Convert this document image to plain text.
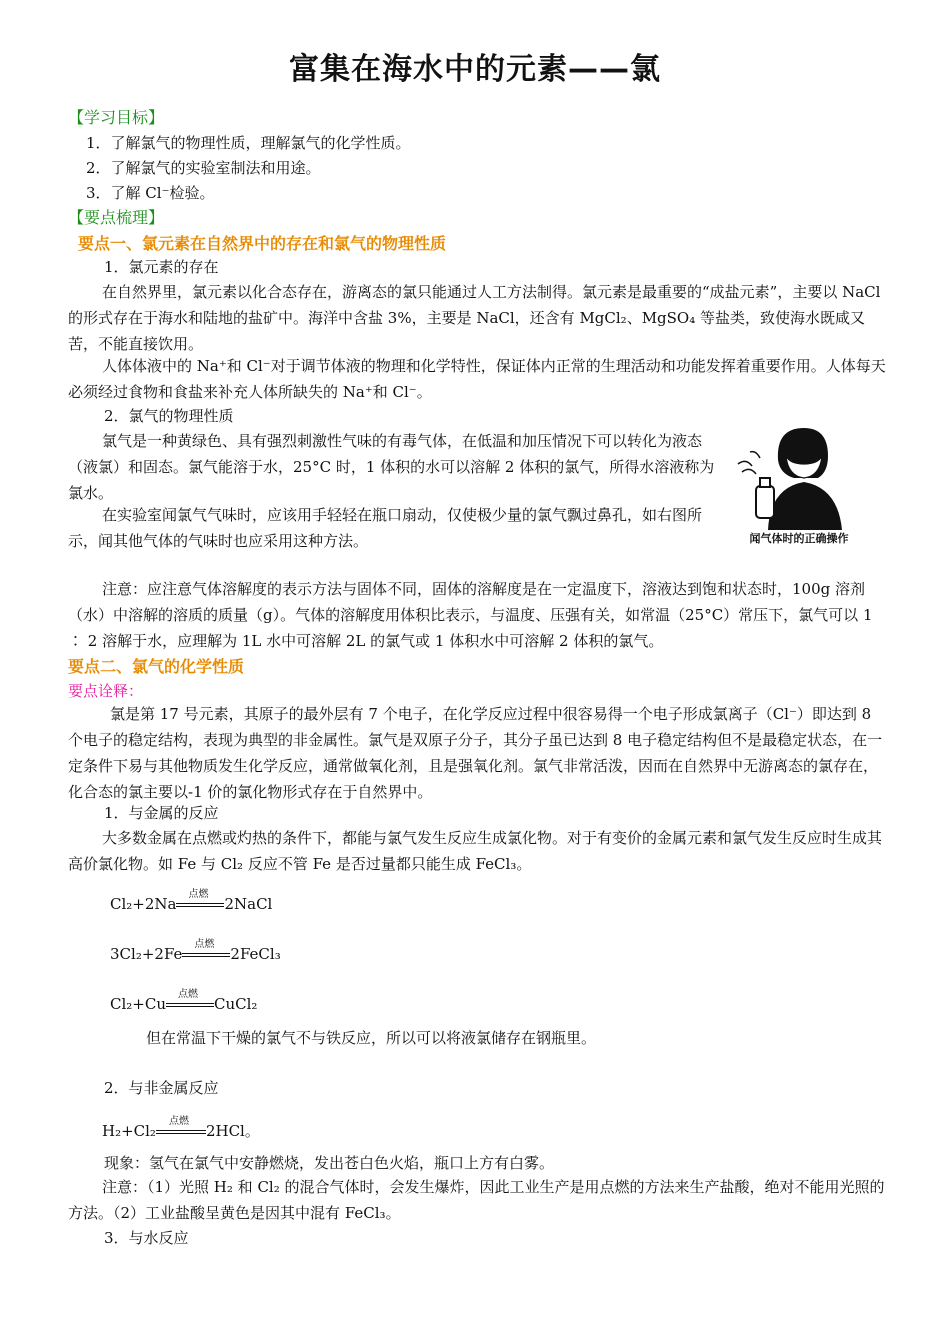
富集在海水中的元素——氯
【学习目标】
1．了解氯气的物理性质，理解氯气的化学性质。
2．了解氯气的实验室制法和用途。
3．了解 Cl⁻检验。
【要点梳理】
要点一、氯元素在自然界中的存在和氯气的物理性质
1．氯元素的存在
在自然界里，氯元素以化合态存在，游离态的氯只能通过人工方法制得。氯元素是最重要的“成盐元素”，主要以 NaCl 的形式存在于海水和陆地的盐矿中。海洋中含盐 3%，主要是 NaCl，还含有 MgCl₂、MgSO₄ 等盐类，致使海水既咸又苦，不能直接饮用。
人体体液中的 Na⁺和 Cl⁻对于调节体液的物理和化学特性，保证体内正常的生理活动和功能发挥着重要作用。人体每天必须经过食物和食盐来补充人体所缺失的 Na⁺和 Cl⁻。
2．氯气的物理性质
氯气是一种黄绿色、具有强烈刺激性气味的有毒气体，在低温和加压情况下可以转化为液态（液氯）和固态。氯气能溶于水，25°C 时，1 体积的水可以溶解 2 体积的氯气，所得水溶液称为氯水。
在实验室闻氯气气味时，应该用手轻轻在瓶口扇动，仅使极少量的氯气飘过鼻孔，如右图所示，闻其他气体的气味时也应采用这种方法。	闻气体时的正确操作
注意：应注意气体溶解度的表示方法与固体不同，固体的溶解度是在一定温度下，溶液达到饱和状态时，100g 溶剂（水）中溶解的溶质的质量（g）。气体的溶解度用体积比表示，与温度、压强有关，如常温（25°C）常压下，氯气可以 1 ∶ 2 溶解于水，应理解为 1L 水中可溶解 2L 的氯气或 1 体积水中可溶解 2 体积的氯气。
要点二、氯气的化学性质
要点诠释：
氯是第 17 号元素，其原子的最外层有 7 个电子，在化学反应过程中很容易得一个电子形成氯离子（Cl⁻）即达到 8 个电子的稳定结构，表现为典型的非金属性。氯气是双原子分子，其分子虽已达到 8 电子稳定结构但不是最稳定状态，在一定条件下易与其他物质发生化学反应，通常做氧化剂，且是强氧化剂。氯气非常活泼，因而在自然界中无游离态的氯存在，化合态的氯主要以-1 价的氯化物形式存在于自然界中。
1．与金属的反应
大多数金属在点燃或灼热的条件下，都能与氯气发生反应生成氯化物。对于有变价的金属元素和氯气发生反应时生成其高价氯化物。如 Fe 与 Cl₂ 反应不管 Fe 是否过量都只能生成 FeCl₃。
Cl₂+2Na
点燃
2NaCl
3Cl₂+2Fe
点燃
2FeCl₃
Cl₂+Cu
点燃
CuCl₂
但在常温下干燥的氯气不与铁反应，所以可以将液氯储存在钢瓶里。
2．与非金属反应
H₂+Cl₂
点燃
2HCl。
现象：氢气在氯气中安静燃烧，发出苍白色火焰，瓶口上方有白雾。
注意：（1）光照 H₂ 和 Cl₂ 的混合气体时，会发生爆炸，因此工业生产是用点燃的方法来生产盐酸，绝对不能用光照的方法。（2）工业盐酸呈黄色是因其中混有 FeCl₃。
3．与水反应
